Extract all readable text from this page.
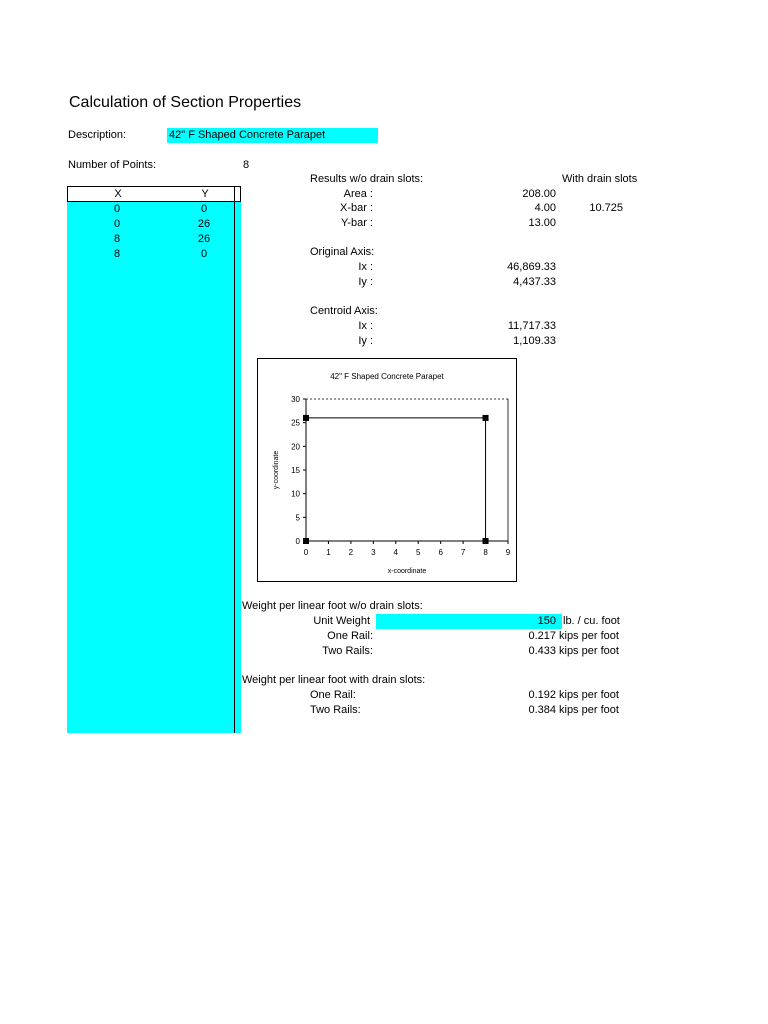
Calculation of Section Properties
Description:	42" F Shaped Concrete Parapet
Number of Points:	8
X	Y
0	0
0	26
8	26
8	0
Results w/o drain slots:	With drain slots
Area :	208.00
X-bar :	4.00	10.725
Y-bar :	13.00
Original Axis:
Ix :	46,869.33
Iy :	4,437.33
Centroid Axis:
Ix :	11,717.33
Iy :	1,109.33
0
5
10
15
20
25
30
0 1 2 3 4 5 6 7 8 9
42" F Shaped Concrete Parapet
x-coordinate
y-coordinate
Weight per linear foot w/o drain slots:
Unit Weight	150 lb. / cu. foot
One Rail:	0.217 kips per foot
Two Rails:	0.433 kips per foot
Weight per linear foot with drain slots:
One Rail:	0.192 kips per foot
Two Rails:	0.384 kips per foot
